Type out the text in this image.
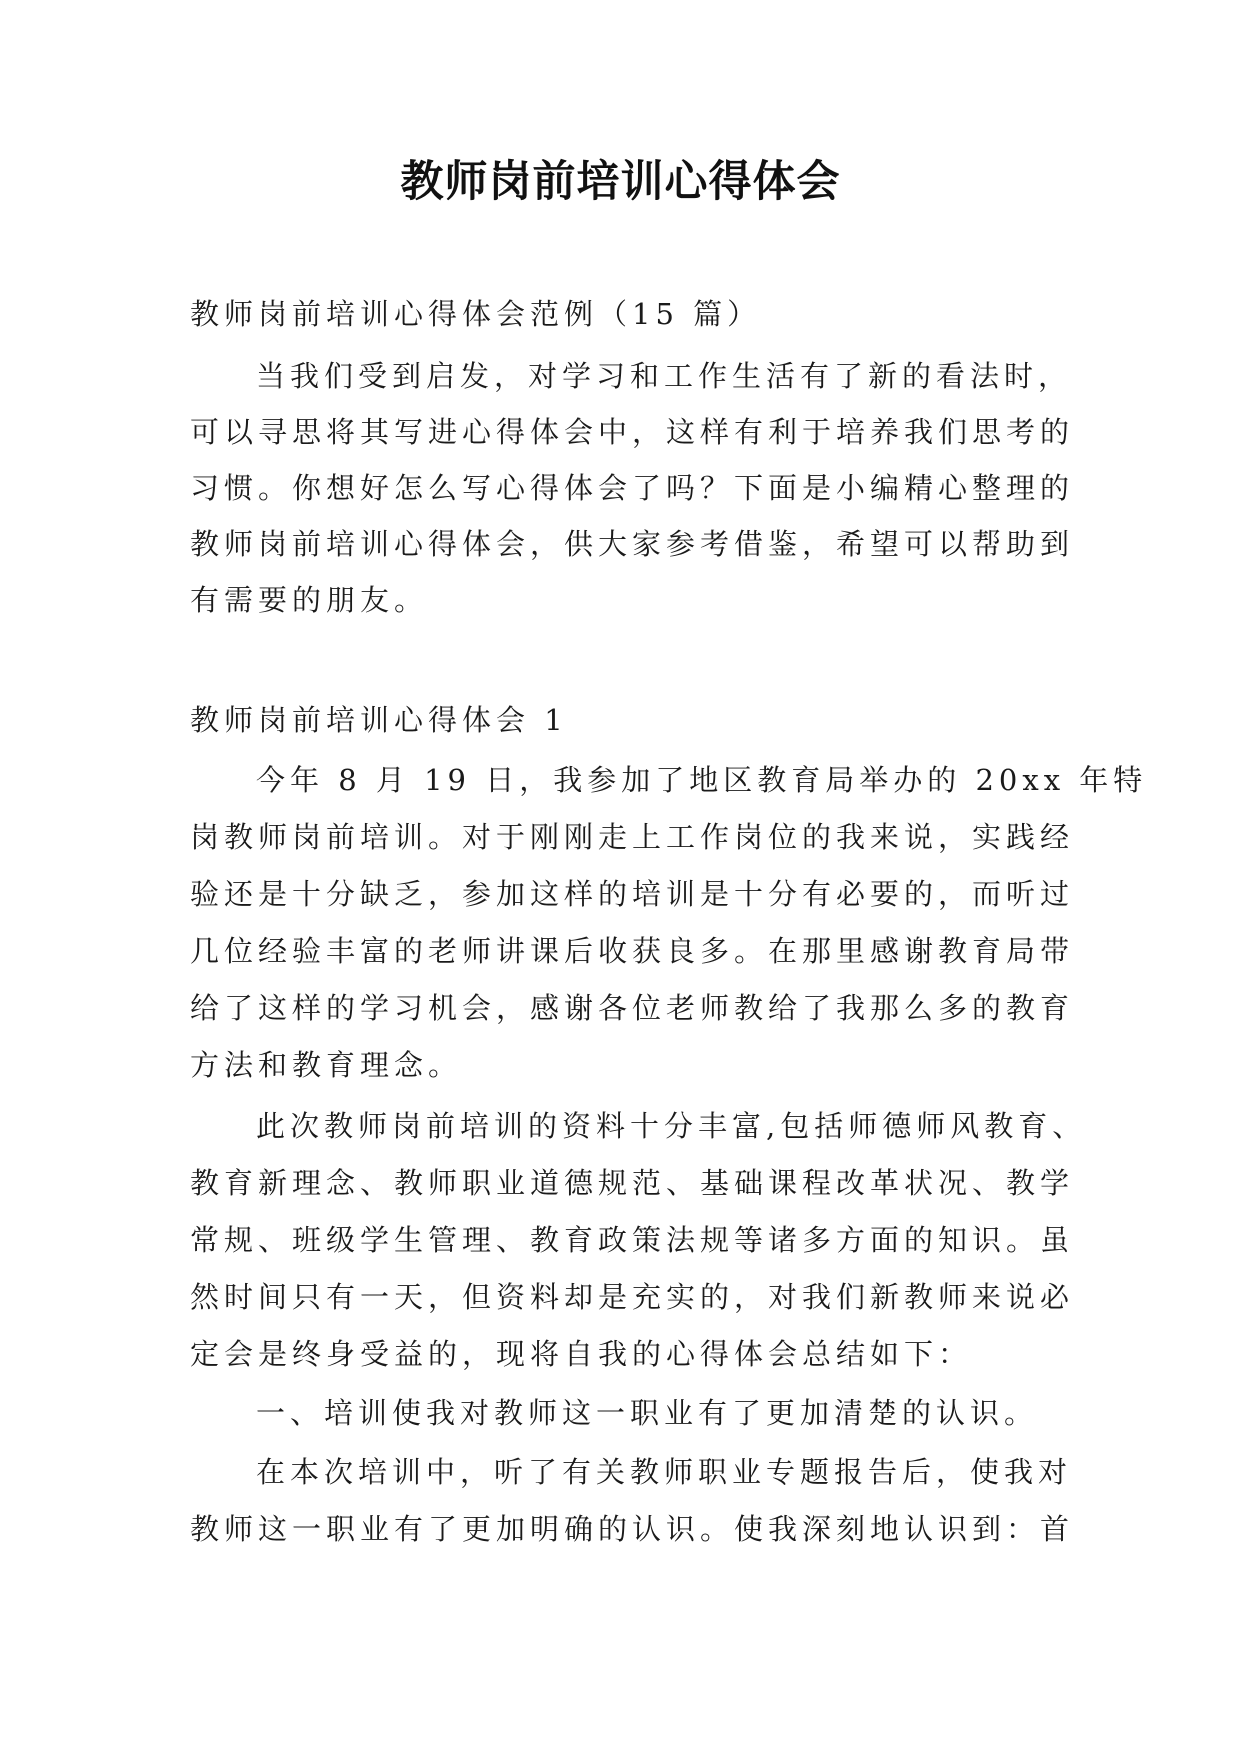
教师岗前培训心得体会
教师岗前培训心得体会范例（15 篇）
当我们受到启发，对学习和工作生活有了新的看法时，
可以寻思将其写进心得体会中，这样有利于培养我们思考的
习惯。你想好怎么写心得体会了吗？下面是小编精心整理的
教师岗前培训心得体会，供大家参考借鉴，希望可以帮助到
有需要的朋友。
教师岗前培训心得体会 1
今年 8 月 19 日，我参加了地区教育局举办的 20xx 年特
岗教师岗前培训。对于刚刚走上工作岗位的我来说，实践经
验还是十分缺乏，参加这样的培训是十分有必要的，而听过
几位经验丰富的老师讲课后收获良多。在那里感谢教育局带
给了这样的学习机会，感谢各位老师教给了我那么多的教育
方法和教育理念。
此次教师岗前培训的资料十分丰富,包括师德师风教育、
教育新理念、教师职业道德规范、基础课程改革状况、教学
常规、班级学生管理、教育政策法规等诸多方面的知识。虽
然时间只有一天，但资料却是充实的，对我们新教师来说必
定会是终身受益的，现将自我的心得体会总结如下：
一、培训使我对教师这一职业有了更加清楚的认识。
在本次培训中，听了有关教师职业专题报告后，使我对
教师这一职业有了更加明确的认识。使我深刻地认识到：首
